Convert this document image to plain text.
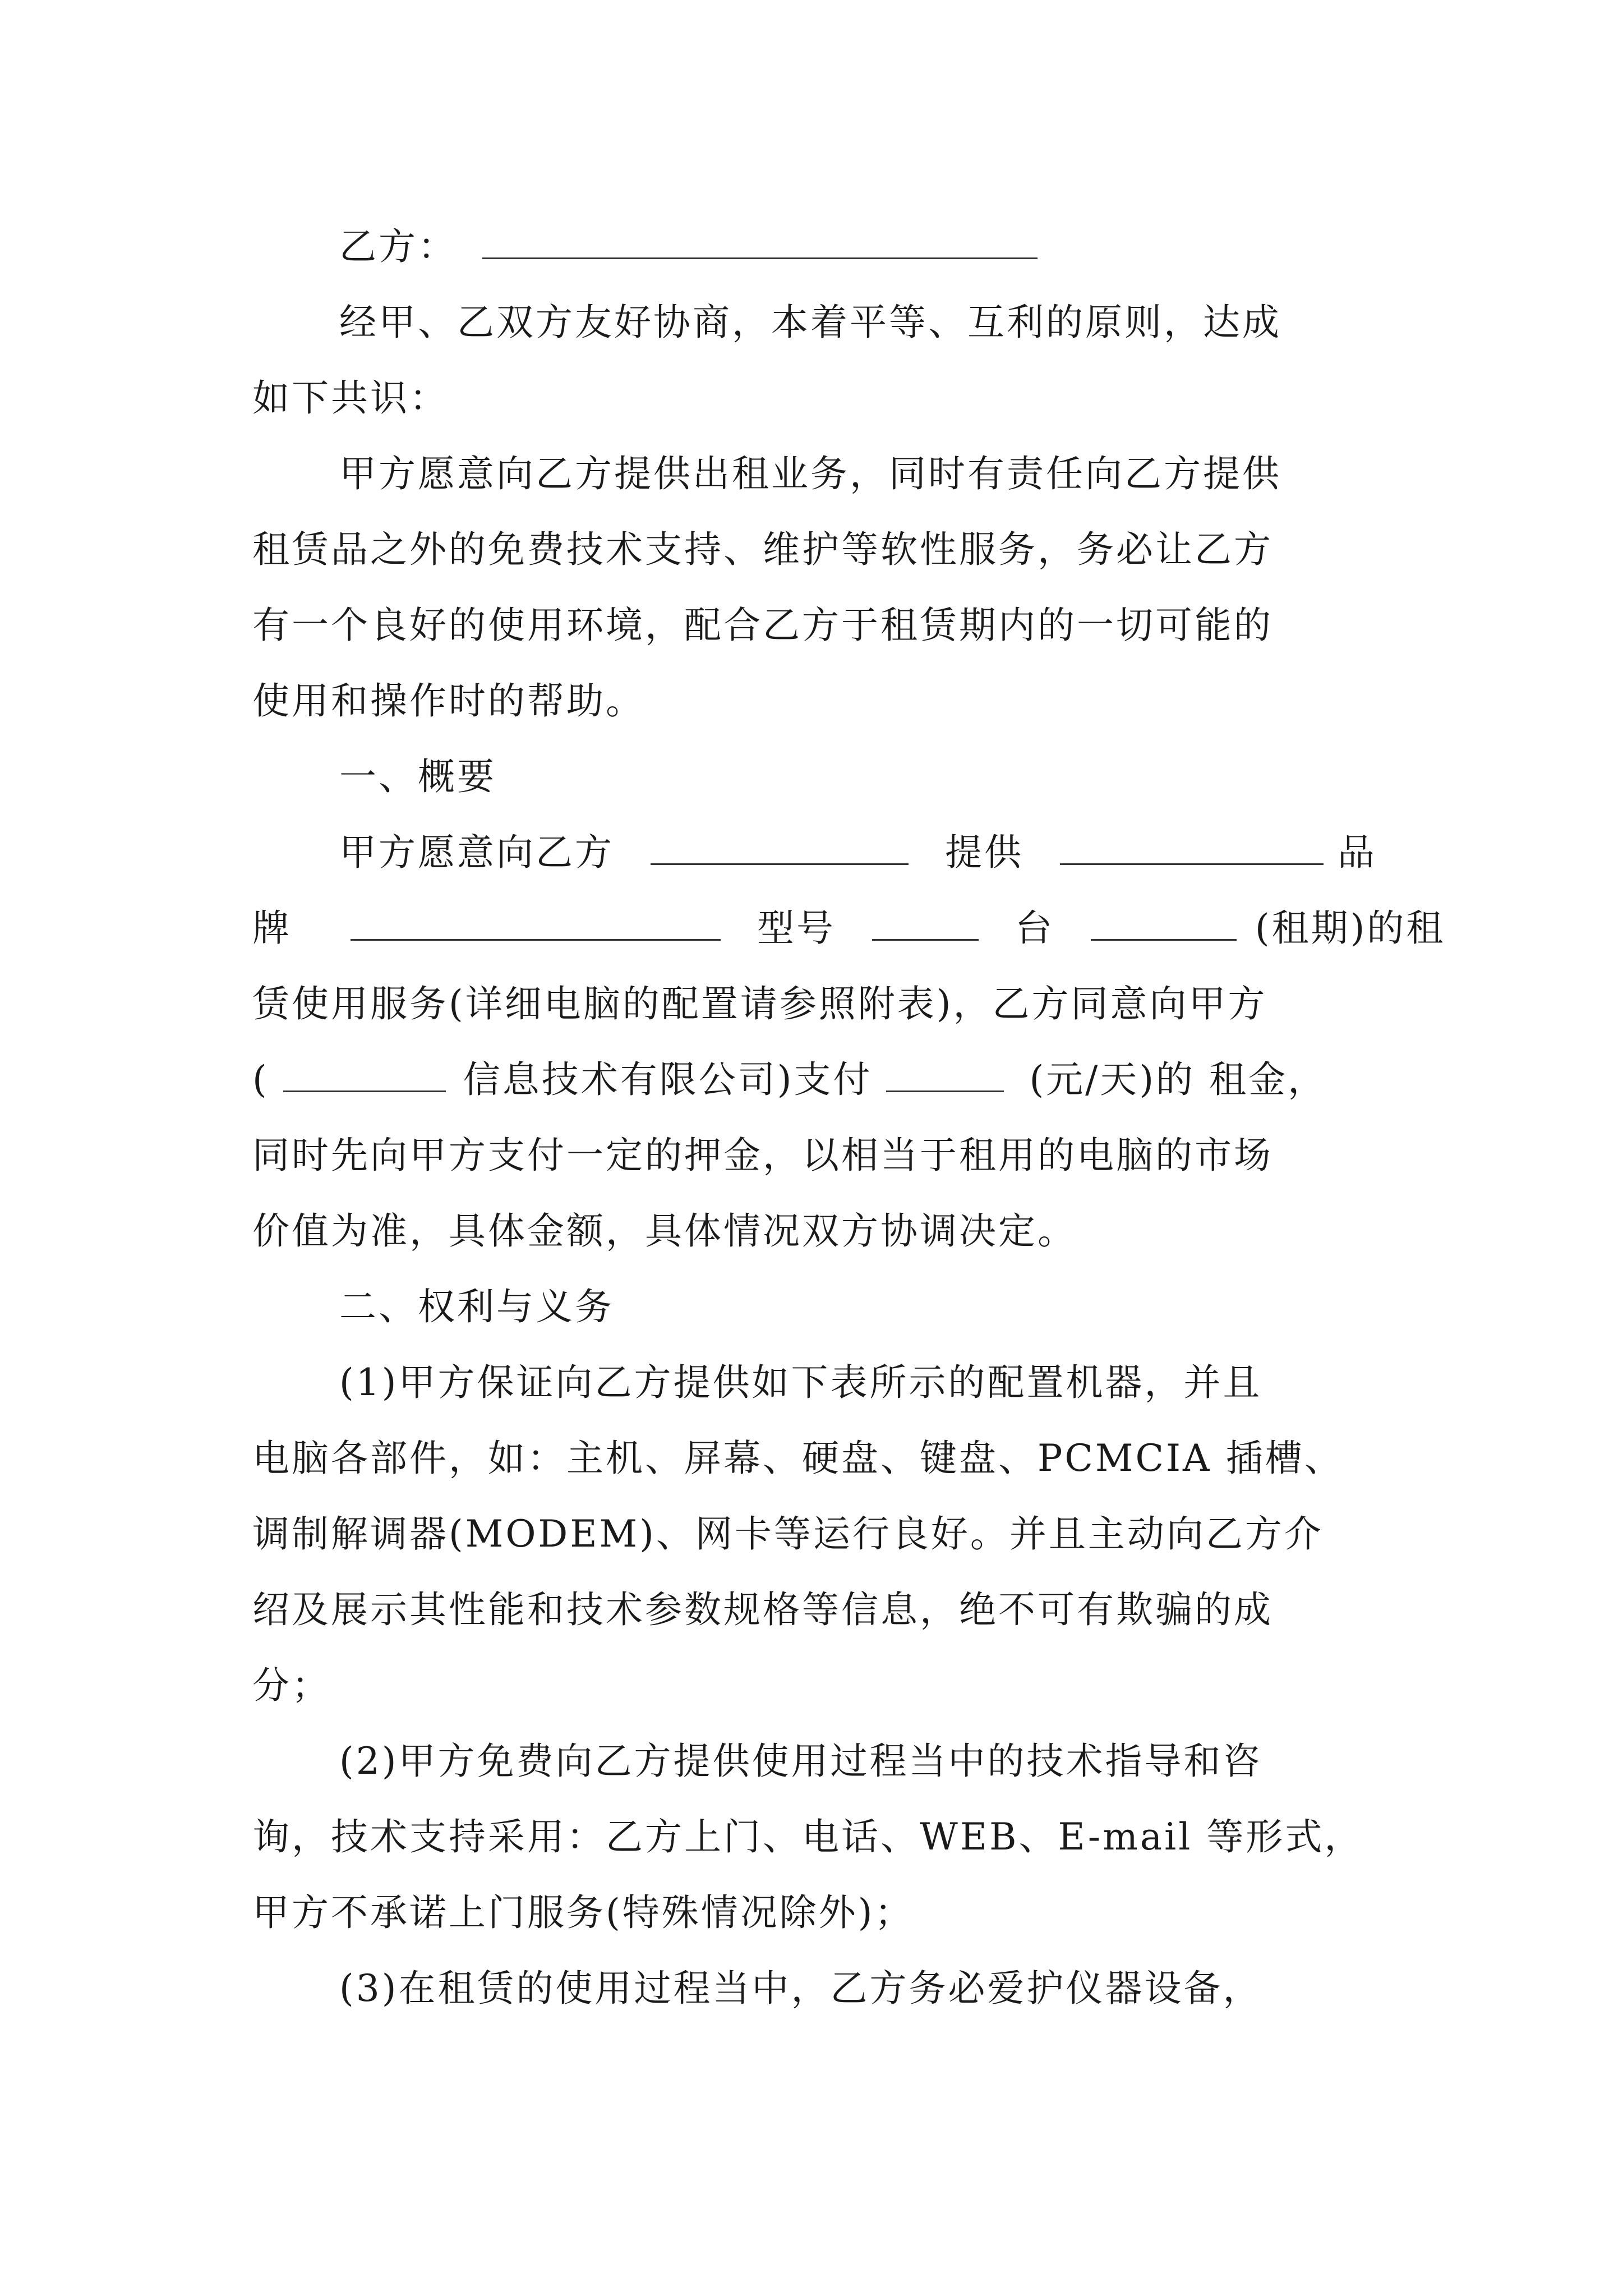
乙方：
经甲、乙双方友好协商，本着平等、互利的原则，达成
如下共识：
甲方愿意向乙方提供出租业务，同时有责任向乙方提供
租赁品之外的免费技术支持、维护等软性服务，务必让乙方
有一个良好的使用环境，配合乙方于租赁期内的一切可能的
使用和操作时的帮助。
一、概要
甲方愿意向乙方	提供	品
牌	型号	台	(租期)的租
赁使用服务(详细电脑的配置请参照附表)，乙方同意向甲方
(	信息技术有限公司)支付	(元/天)的 租金，
同时先向甲方支付一定的押金，以相当于租用的电脑的市场
价值为准，具体金额，具体情况双方协调决定。
二、权利与义务
(1)甲方保证向乙方提供如下表所示的配置机器，并且
电脑各部件，如：主机、屏幕、硬盘、键盘、PCMCIA 插槽、
调制解调器(MODEM)、网卡等运行良好。并且主动向乙方介
绍及展示其性能和技术参数规格等信息，绝不可有欺骗的成
分；
(2)甲方免费向乙方提供使用过程当中的技术指导和咨
询，技术支持采用：乙方上门、电话、WEB、E-mail 等形式，
甲方不承诺上门服务(特殊情况除外)；
(3)在租赁的使用过程当中，乙方务必爱护仪器设备，
